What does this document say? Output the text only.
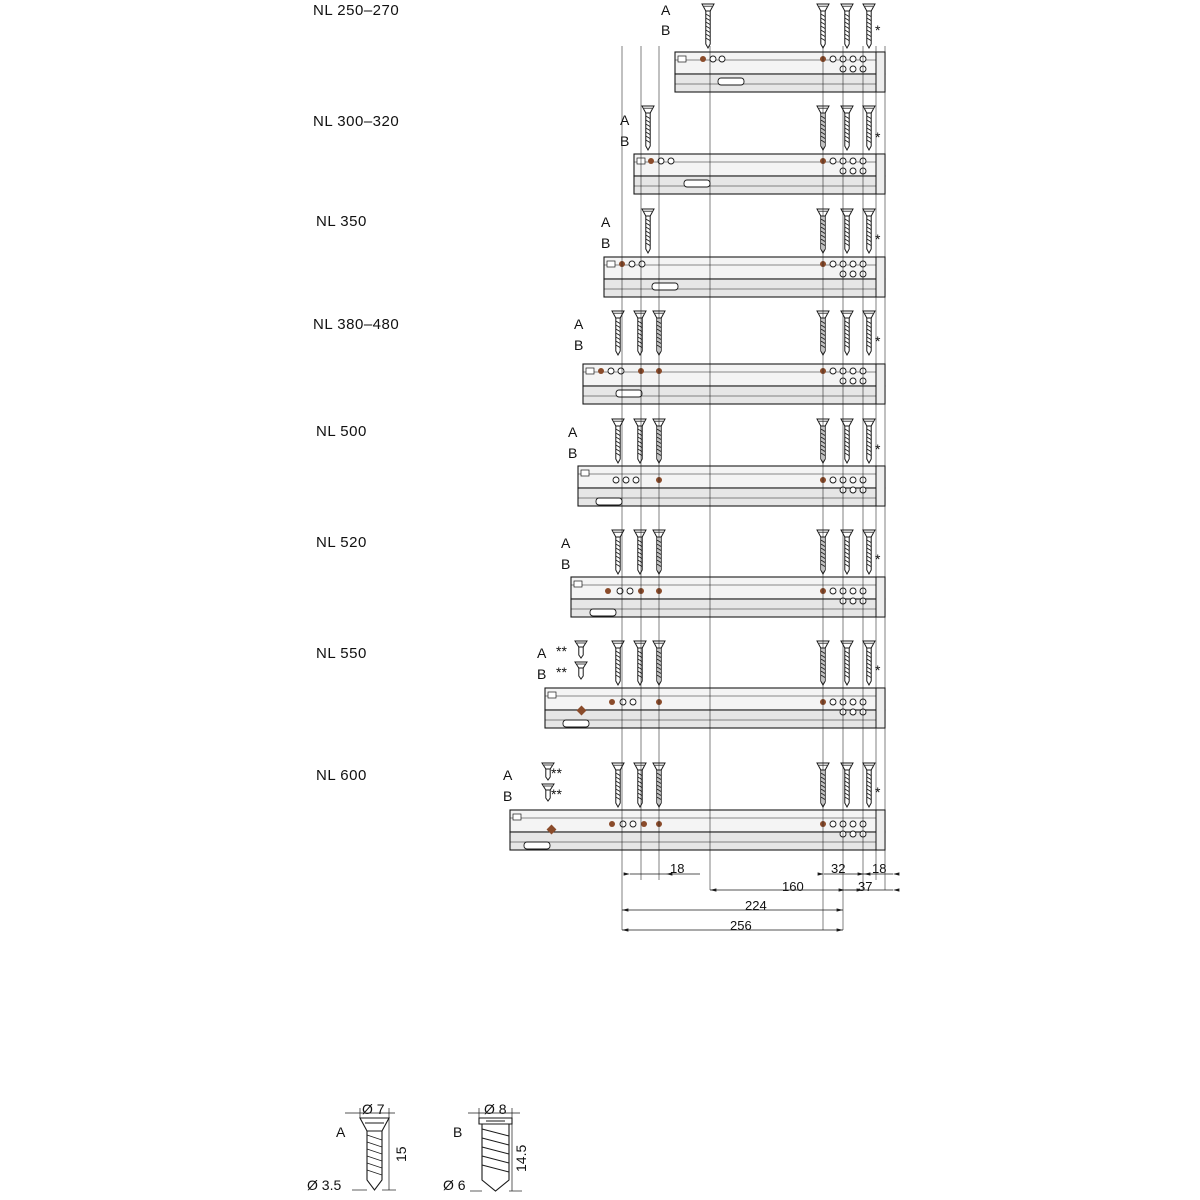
NL 250–270
NL 300–320
NL 350
NL 380–480
NL 500
NL 520
NL 550
NL 600
A
B
A
B
A
B
A
B
A
B
A
B
A
B
A
B
*
*
*
*
*
*
*
*
**
**
**
**
18
160
32 18
37
224
256
A
Ø 7
Ø 3.5
15
B
Ø 8
Ø 6
14.5
